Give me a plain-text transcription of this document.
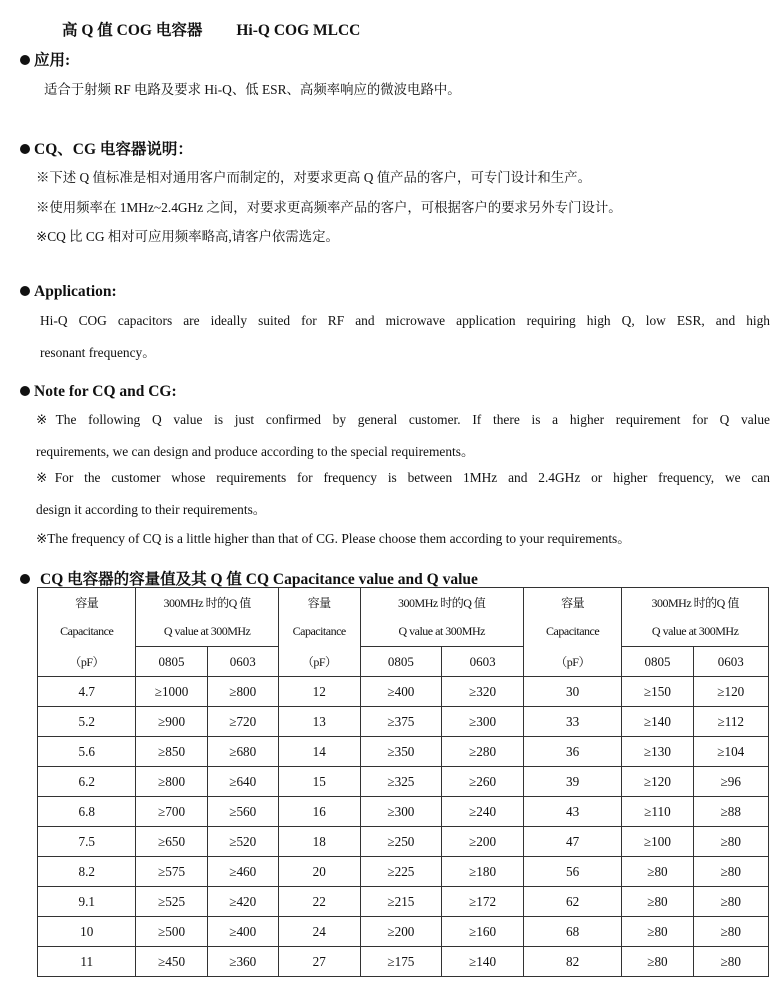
高 Q 值 COG 电容器 Hi-Q COG MLCC
应用:
适合于射频 RF 电路及要求 Hi-Q、低 ESR、高频率响应的微波电路中。
CQ、CG 电容器说明：
※下述 Q 值标准是相对通用客户而制定的，对要求更高 Q 值产品的客户，可专门设计和生产。
※使用频率在 1MHz~2.4GHz 之间，对要求更高频率产品的客户，可根据客户的要求另外专门设计。
※CQ 比 CG 相对可应用频率略高,请客户依需选定。
Application:
Hi-Q COG capacitors are ideally suited for RF and microwave application requiring high Q, low ESR, and high
resonant frequency。
Note for CQ and CG:
※The following Q value is just confirmed by general customer. If there is a higher requirement for Q value
requirements, we can design and produce according to the special requirements。
※For the customer whose requirements for frequency is between 1MHz and 2.4GHz or higher frequency, we can
design it according to their requirements。
※The frequency of CQ is a little higher than that of CG. Please choose them according to your requirements。
CQ 电容器的容量值及其 Q 值 CQ Capacitance value and Q value
容量	300MHz 时的Q 值		容量	300MHz 时的Q 值		容量	300MHz 时的Q 值	
Capacitance	Q value at 300MHz		Capacitance	Q value at 300MHz		Capacitance	Q value at 300MHz	
（pF）	0805	0603	（pF）	0805	0603	（pF）	0805	0603
4.7	≥1000	≥800	12	≥400	≥320	30	≥150	≥120
5.2	≥900	≥720	13	≥375	≥300	33	≥140	≥112
5.6	≥850	≥680	14	≥350	≥280	36	≥130	≥104
6.2	≥800	≥640	15	≥325	≥260	39	≥120	≥96
6.8	≥700	≥560	16	≥300	≥240	43	≥110	≥88
7.5	≥650	≥520	18	≥250	≥200	47	≥100	≥80
8.2	≥575	≥460	20	≥225	≥180	56	≥80	≥80
9.1	≥525	≥420	22	≥215	≥172	62	≥80	≥80
10	≥500	≥400	24	≥200	≥160	68	≥80	≥80
11	≥450	≥360	27	≥175	≥140	82	≥80	≥80
